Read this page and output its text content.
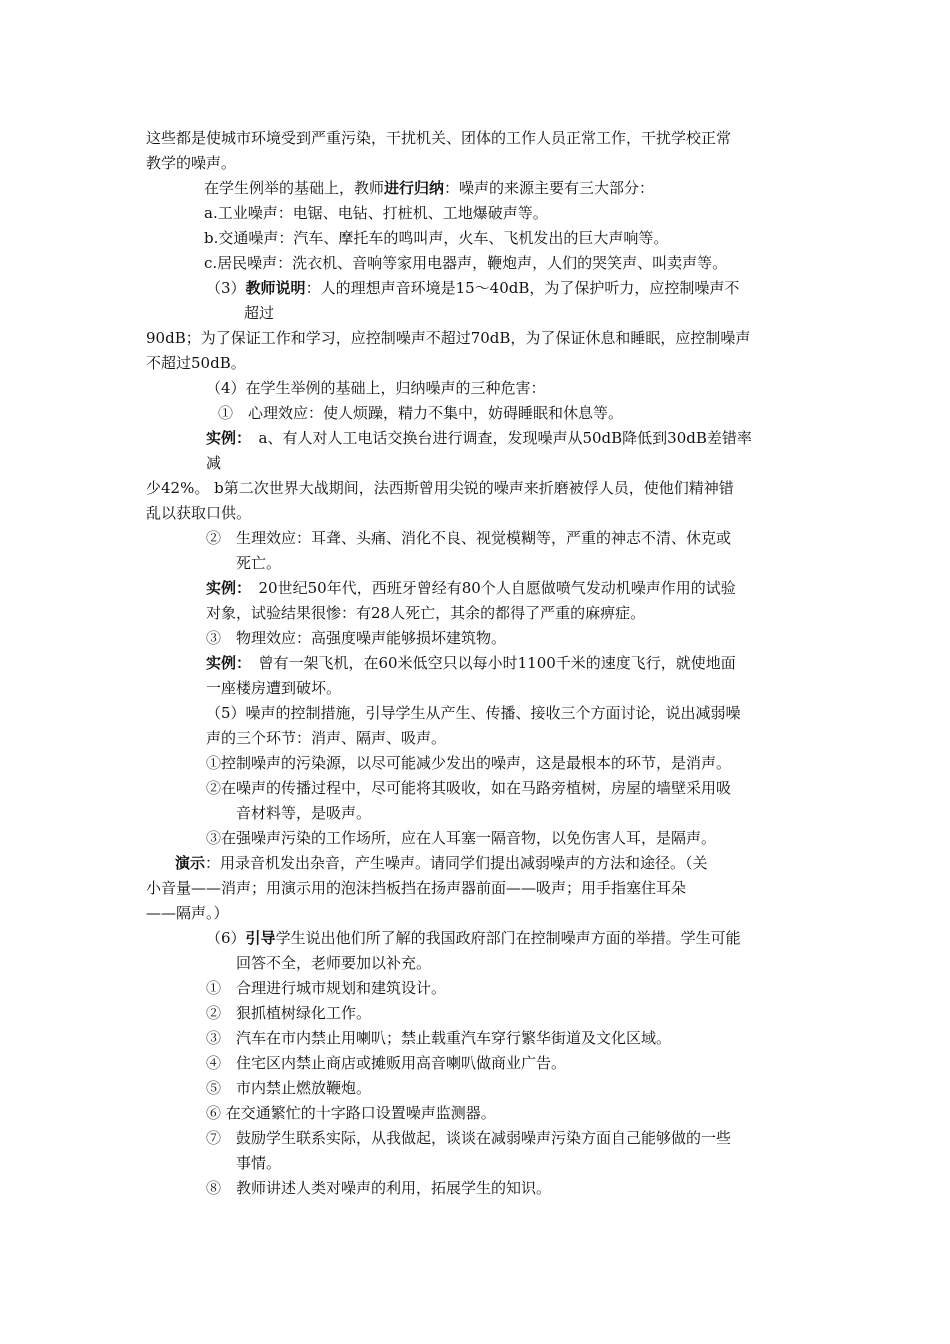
这些都是使城市环境受到严重污染，干扰机关、团体的工作人员正常工作，干扰学校正常
教学的噪声。
在学生例举的基础上，教师进行归纳：噪声的来源主要有三大部分：
a.工业噪声：电锯、电钻、打桩机、工地爆破声等。
b.交通噪声：汽车、摩托车的鸣叫声，火车、飞机发出的巨大声响等。
c.居民噪声：洗衣机、音响等家用电器声，鞭炮声，人们的哭笑声、叫卖声等。
（3）教师说明：人的理想声音环境是15～40dB，为了保护听力，应控制噪声不
超过
90dB；为了保证工作和学习，应控制噪声不超过70dB，为了保证休息和睡眠，应控制噪声
不超过50dB。
（4）在学生举例的基础上，归纳噪声的三种危害：
①　心理效应：使人烦躁，精力不集中，妨碍睡眠和休息等。
实例：　a、有人对人工电话交换台进行调查，发现噪声从50dB降低到30dB差错率
减
少42%。 b第二次世界大战期间，法西斯曾用尖锐的噪声来折磨被俘人员，使他们精神错
乱以获取口供。
②　生理效应：耳聋、头痛、消化不良、视觉模糊等，严重的神志不清、休克或
死亡。
实例：　20世纪50年代，西班牙曾经有80个人自愿做喷气发动机噪声作用的试验
对象，试验结果很惨：有28人死亡，其余的都得了严重的麻痹症。
③　物理效应：高强度噪声能够损坏建筑物。
实例：　曾有一架飞机，在60米低空只以每小时1100千米的速度飞行，就使地面
一座楼房遭到破坏。
（5）噪声的控制措施，引导学生从产生、传播、接收三个方面讨论，说出减弱噪
声的三个环节：消声、隔声、吸声。
①控制噪声的污染源，以尽可能减少发出的噪声，这是最根本的环节，是消声。
②在噪声的传播过程中，尽可能将其吸收，如在马路旁植树，房屋的墙壁采用吸
音材料等，是吸声。
③在强噪声污染的工作场所，应在人耳塞一隔音物，以免伤害人耳，是隔声。
演示：用录音机发出杂音，产生噪声。请同学们提出减弱噪声的方法和途径。（关
小音量——消声；用演示用的泡沫挡板挡在扬声器前面——吸声；用手指塞住耳朵
——隔声。）
（6）引导学生说出他们所了解的我国政府部门在控制噪声方面的举措。学生可能
回答不全，老师要加以补充。
①　合理进行城市规划和建筑设计。
②　狠抓植树绿化工作。
③　汽车在市内禁止用喇叭；禁止载重汽车穿行繁华街道及文化区域。
④　住宅区内禁止商店或摊贩用高音喇叭做商业广告。
⑤　市内禁止燃放鞭炮。
⑥ 在交通繁忙的十字路口设置噪声监测器。
⑦　鼓励学生联系实际，从我做起，谈谈在减弱噪声污染方面自己能够做的一些
事情。
⑧　教师讲述人类对噪声的利用，拓展学生的知识。
